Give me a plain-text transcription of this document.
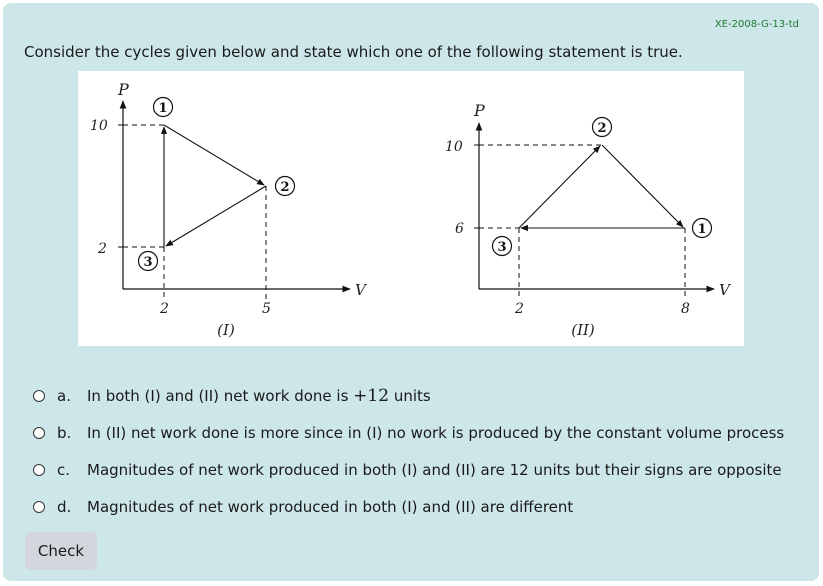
XE-2008-G-13-td
Consider the cycles given below and state which one of the following statement is true.
P
V
10
2
2	5
1
2
3
(I)
P
V
10
6
2	8
1
2
3
(II)
a.	In both (I) and (II) net work done is +12 units
b.	In (II) net work done is more since in (I) no work is produced by the constant volume process
c.	Magnitudes of net work produced in both (I) and (II) are 12 units but their signs are opposite
d.	Magnitudes of net work produced in both (I) and (II) are different
Check
